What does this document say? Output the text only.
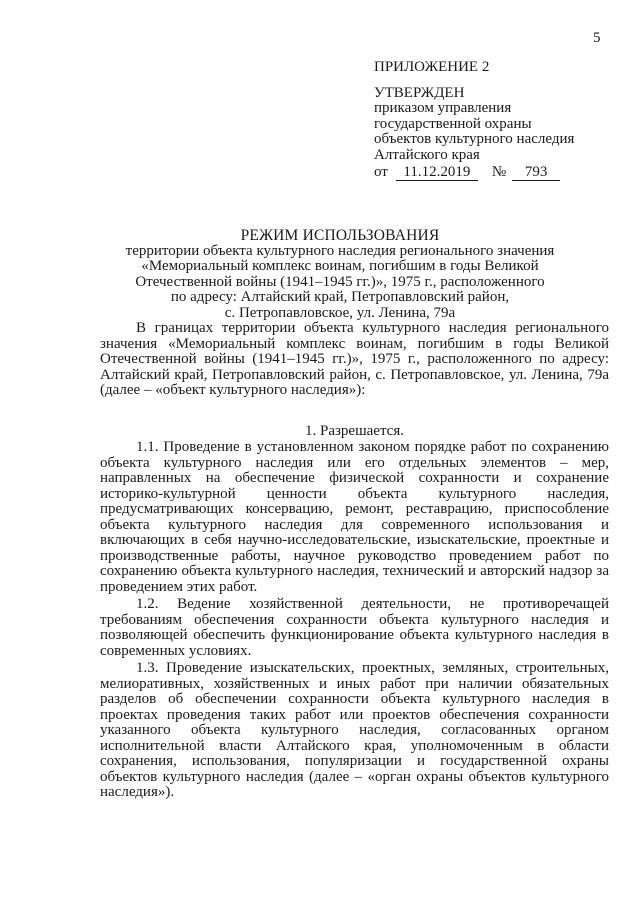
5
ПРИЛОЖЕНИЕ 2
УТВЕРЖДЕН
приказом управления
государственной охраны
объектов культурного наследия
Алтайского края
от	11.12.2019	№	793
РЕЖИМ ИСПОЛЬЗОВАНИЯ
территории объекта культурного наследия регионального значения
«Мемориальный комплекс воинам, погибшим в годы Великой
Отечественной войны (1941–1945 гг.)», 1975 г., расположенного
по адресу: Алтайский край, Петропавловский район,
с. Петропавловское, ул. Ленина, 79а

В границах территории объекта культурного наследия регионального значения «Мемориальный комплекс воинам, погибшим в годы Великой Отечественной войны (1941–1945 гг.)», 1975 г., расположенного по адресу: Алтайский край, Петропавловский район, с. Петропавловское, ул. Ленина, 79а (далее – «объект культурного наследия»):

1. Разрешается.

1.1. Проведение в установленном законом порядке работ по сохранению объекта культурного наследия или его отдельных элементов – мер, направленных на обеспечение физической сохранности и сохранение историко-культурной ценности объекта культурного наследия, предусматривающих консервацию, ремонт, реставрацию, приспособление объекта культурного наследия для современного использования и включающих в себя научно-исследовательские, изыскательские, проектные и производственные работы, научное руководство проведением работ по сохранению объекта культурного наследия, технический и авторский надзор за проведением этих работ.

1.2. Ведение хозяйственной деятельности, не противоречащей требованиям обеспечения сохранности объекта культурного наследия и позволяющей обеспечить функционирование объекта культурного наследия в современных условиях.

1.3. Проведение изыскательских, проектных, земляных, строительных, мелиоративных, хозяйственных и иных работ при наличии обязательных разделов об обеспечении сохранности объекта культурного наследия в проектах проведения таких работ или проектов обеспечения сохранности указанного объекта культурного наследия, согласованных органом исполнительной власти Алтайского края, уполномоченным в области сохранения, использования, популяризации и государственной охраны объектов культурного наследия (далее – «орган охраны объектов культурного наследия»).
